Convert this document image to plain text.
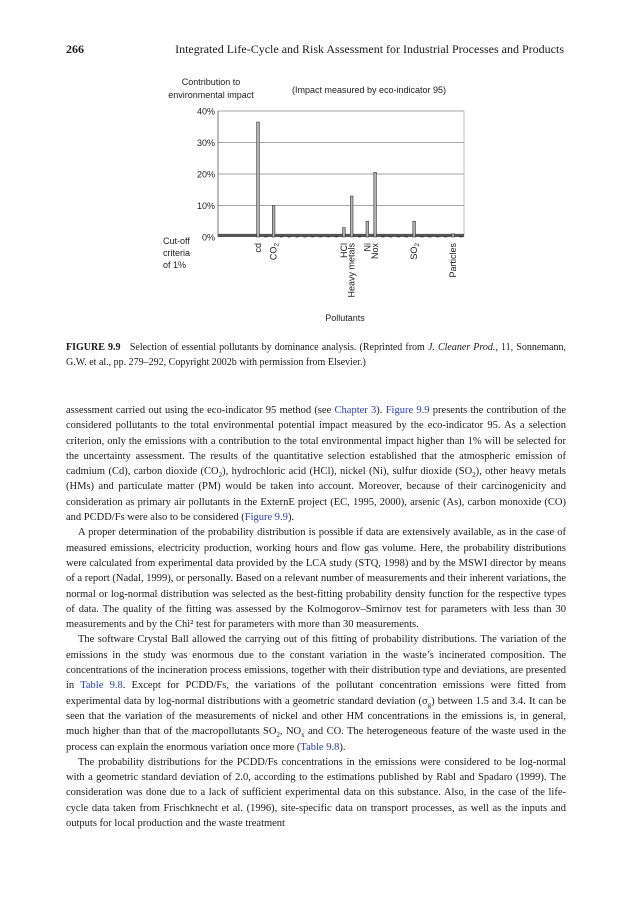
266	Integrated Life-Cycle and Risk Assessment for Industrial Processes and Products
Contribution to
environmental impact	(Impact measured by eco-indicator 95)
Cut-off
criteria
of 1%
Pollutants
0%
10%
20%
30%
40%
cd $CO_2$	HCl
Heavy metals Ni
Nox	$SO_2$	Particles
FIGURE 9.9 Selection of essential pollutants by dominance analysis. (Reprinted from J. Cleaner Prod., 11, Sonnemann, G.W. et al., pp. 279–292, Copyright 2002b with permission from Elsevier.)

assessment carried out using the eco-indicator 95 method (see Chapter 3). Figure 9.9 presents the contribution of the considered pollutants to the total environmental potential impact measured by the eco-indicator 95. As a selection criterion, only the emissions with a contribution to the total environmental impact higher than 1% will be selected for the uncertainty assessment. The results of the quantitative selection established that the atmospheric emission of cadmium (Cd), carbon dioxide $(CO_2)$, hydrochloric acid (HCl), nickel (Ni), sulfur dioxide $(SO_2)$, other heavy metals (HMs) and particulate matter (PM) would be taken into account. Moreover, because of their carcinogenicity and consideration as primary air pollutants in the ExternE project (EC, 1995, 2000), arsenic (As), carbon monoxide (CO) and PCDD/Fs were also to be considered (Figure 9.9).

A proper determination of the probability distribution is possible if data are extensively available, as in the case of measured emissions, electricity production, working hours and flow gas volume. Here, the probability distributions were calculated from experimental data provided by the LCA study (STQ, 1998) and by the MSWI director by means of a report (Nadal, 1999), or personally. Based on a relevant number of measurements and their inherent variations, the normal or log-normal distribution was selected as the best-fitting probability density function for the respective types of data. The quality of the fitting was assessed by the Kolmogorov–Smirnov test for parameters with less than 30 measurements and by the Chi² test for parameters with more than 30 measurements.

The software Crystal Ball allowed the carrying out of this fitting of probability distributions. The variation of the emissions in the study was enormous due to the constant variation in the waste’s incinerated composition. The concentrations of the incineration process emissions, together with their distribution type and deviations, are presented in Table 9.8. Except for PCDD/Fs, the variations of the pollutant concentration emissions were fitted from experimental data by log-normal distributions with a geometric standard deviation $(\sigma_g)$ between 1.5 and 3.4. It can be seen that the variation of the measurements of nickel and other HM concentrations in the emissions is, in general, much higher than that of the macropollutants $SO_2$, $NO_x$ and CO. The heterogeneous feature of the waste used in the process can explain the enormous variation once more (Table 9.8).

The probability distributions for the PCDD/Fs concentrations in the emissions were considered to be log-normal with a geometric standard deviation of 2.0, according to the estimations published by Rabl and Spadaro (1999). The consideration was done due to a lack of sufficient experimental data on this substance. Also, in the case of the life-cycle data taken from Frischknecht et al. (1996), site-specific data on transport processes, as well as the inputs and outputs for local production and the waste treatment
